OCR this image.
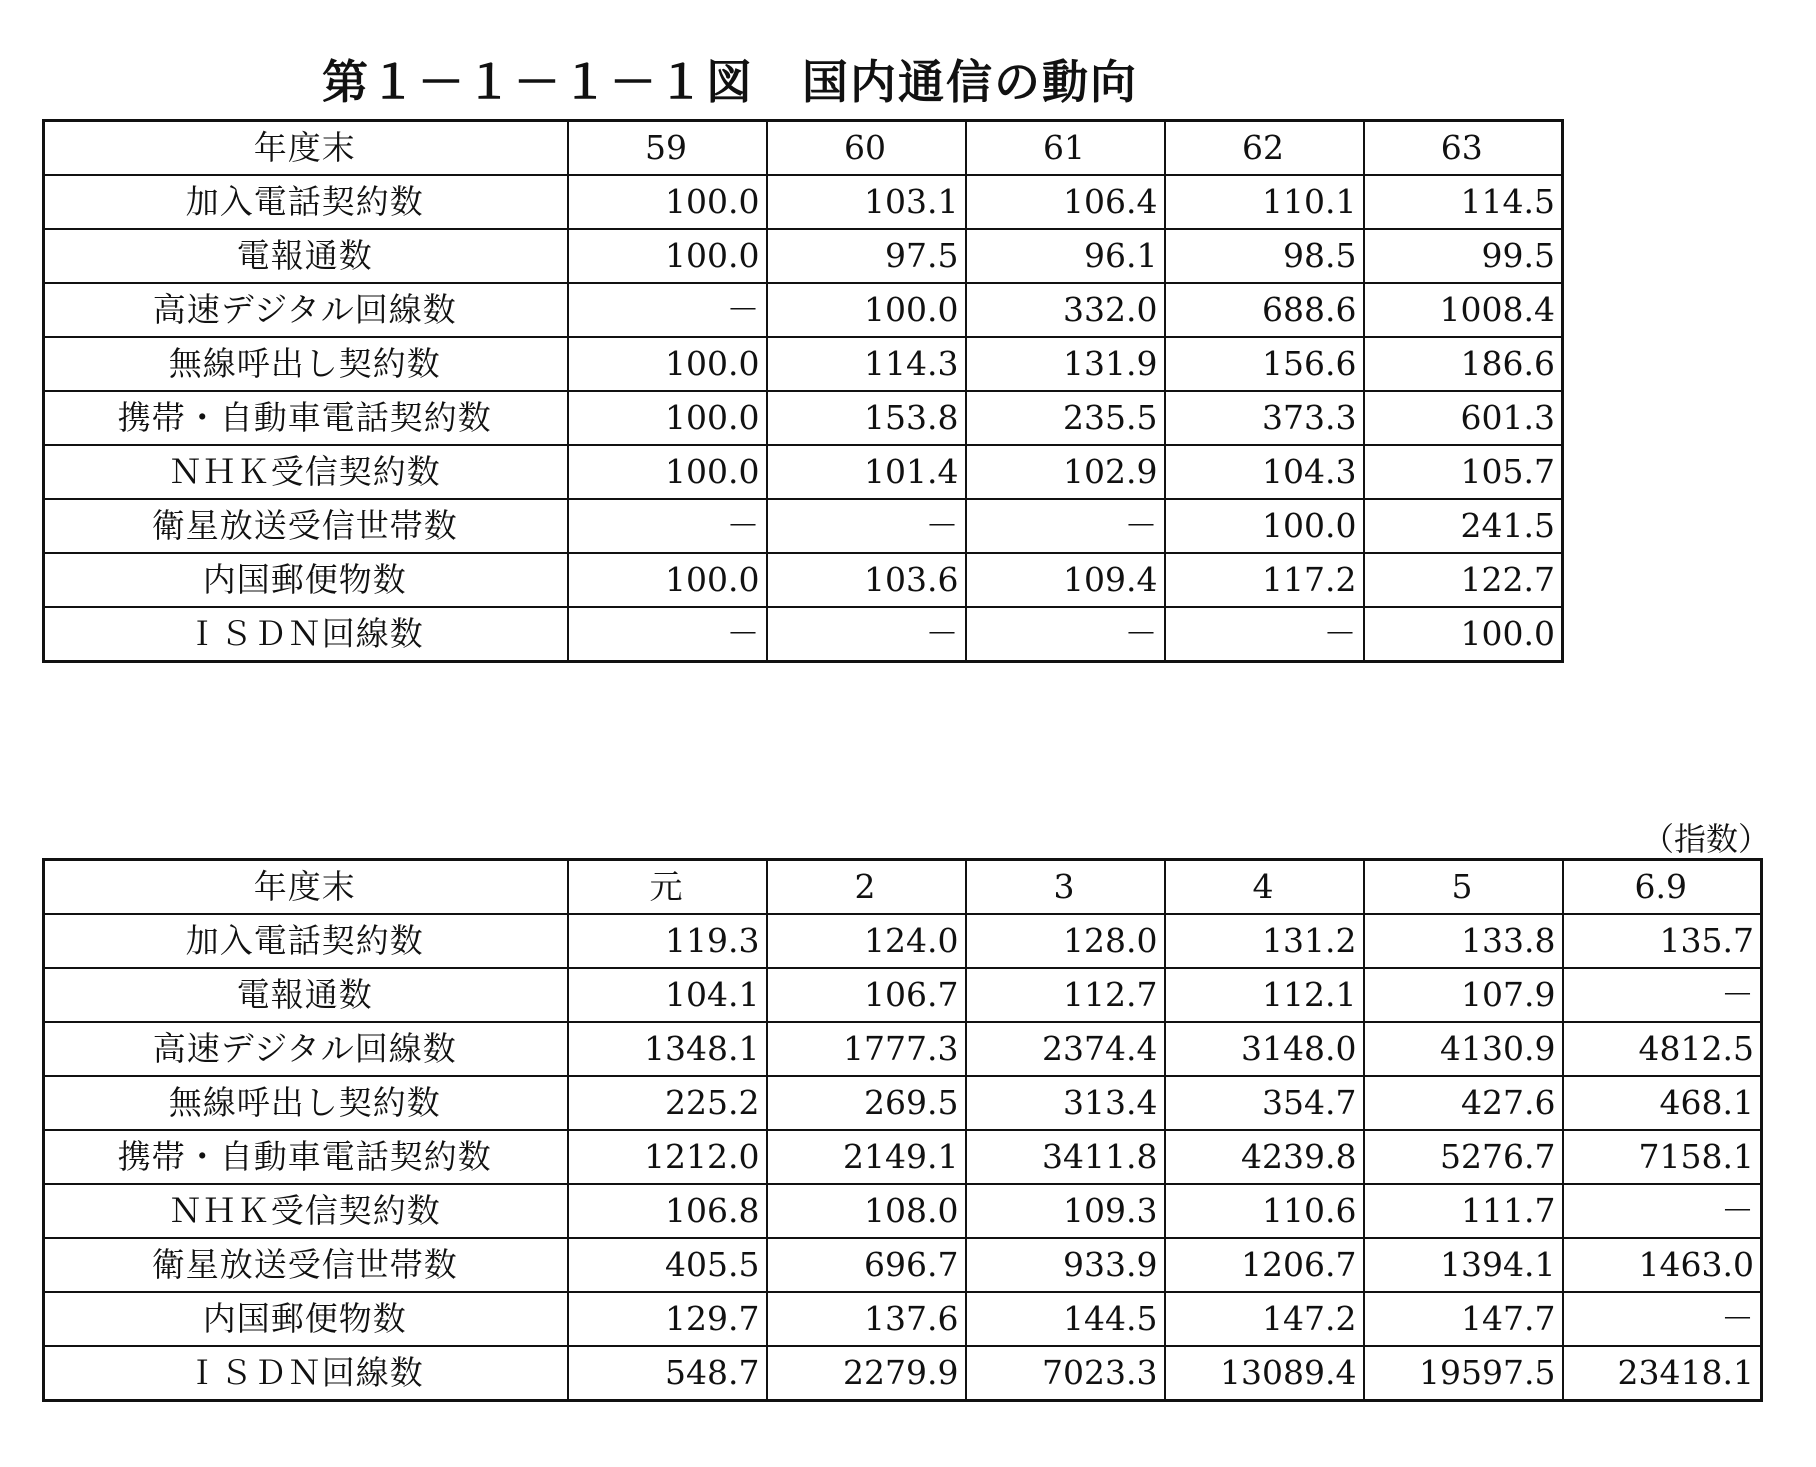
第１－１－１－１図　国内通信の動向
年度末	59	60	61	62	63
加入電話契約数	100.0	103.1	106.4	110.1	114.5
電報通数	100.0	97.5	96.1	98.5	99.5
高速デジタル回線数	－	100.0	332.0	688.6	1008.4
無線呼出し契約数	100.0	114.3	131.9	156.6	186.6
携帯・自動車電話契約数	100.0	153.8	235.5	373.3	601.3
ＮＨＫ受信契約数	100.0	101.4	102.9	104.3	105.7
衛星放送受信世帯数	－	－	－	100.0	241.5
内国郵便物数	100.0	103.6	109.4	117.2	122.7
ＩＳＤＮ回線数	－	－	－	－	100.0
（指数）
年度末	元	2	3	4	5	6.9
加入電話契約数	119.3	124.0	128.0	131.2	133.8	135.7
電報通数	104.1	106.7	112.7	112.1	107.9	－
高速デジタル回線数	1348.1	1777.3	2374.4	3148.0	4130.9	4812.5
無線呼出し契約数	225.2	269.5	313.4	354.7	427.6	468.1
携帯・自動車電話契約数	1212.0	2149.1	3411.8	4239.8	5276.7	7158.1
ＮＨＫ受信契約数	106.8	108.0	109.3	110.6	111.7	－
衛星放送受信世帯数	405.5	696.7	933.9	1206.7	1394.1	1463.0
内国郵便物数	129.7	137.6	144.5	147.2	147.7	－
ＩＳＤＮ回線数	548.7	2279.9	7023.3	13089.4	19597.5	23418.1
